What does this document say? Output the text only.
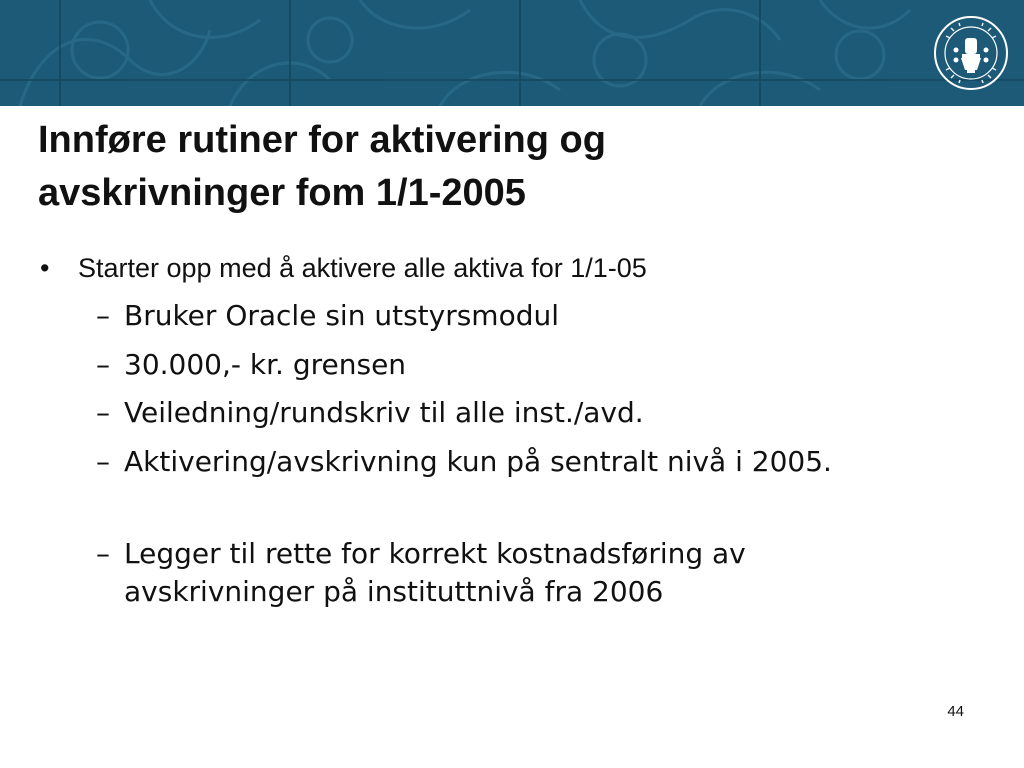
Innføre rutiner for aktivering og
avskrivninger fom 1/1-2005
• Starter opp med å aktivere alle aktiva for 1/1-05
– Bruker Oracle sin utstyrsmodul
– 30.000,- kr. grensen
– Veiledning/rundskriv til alle inst./avd.
– Aktivering/avskrivning kun på sentralt nivå i 2005.
– Legger til rette for korrekt kostnadsføring av avskrivninger på instituttnivå fra 2006
44
